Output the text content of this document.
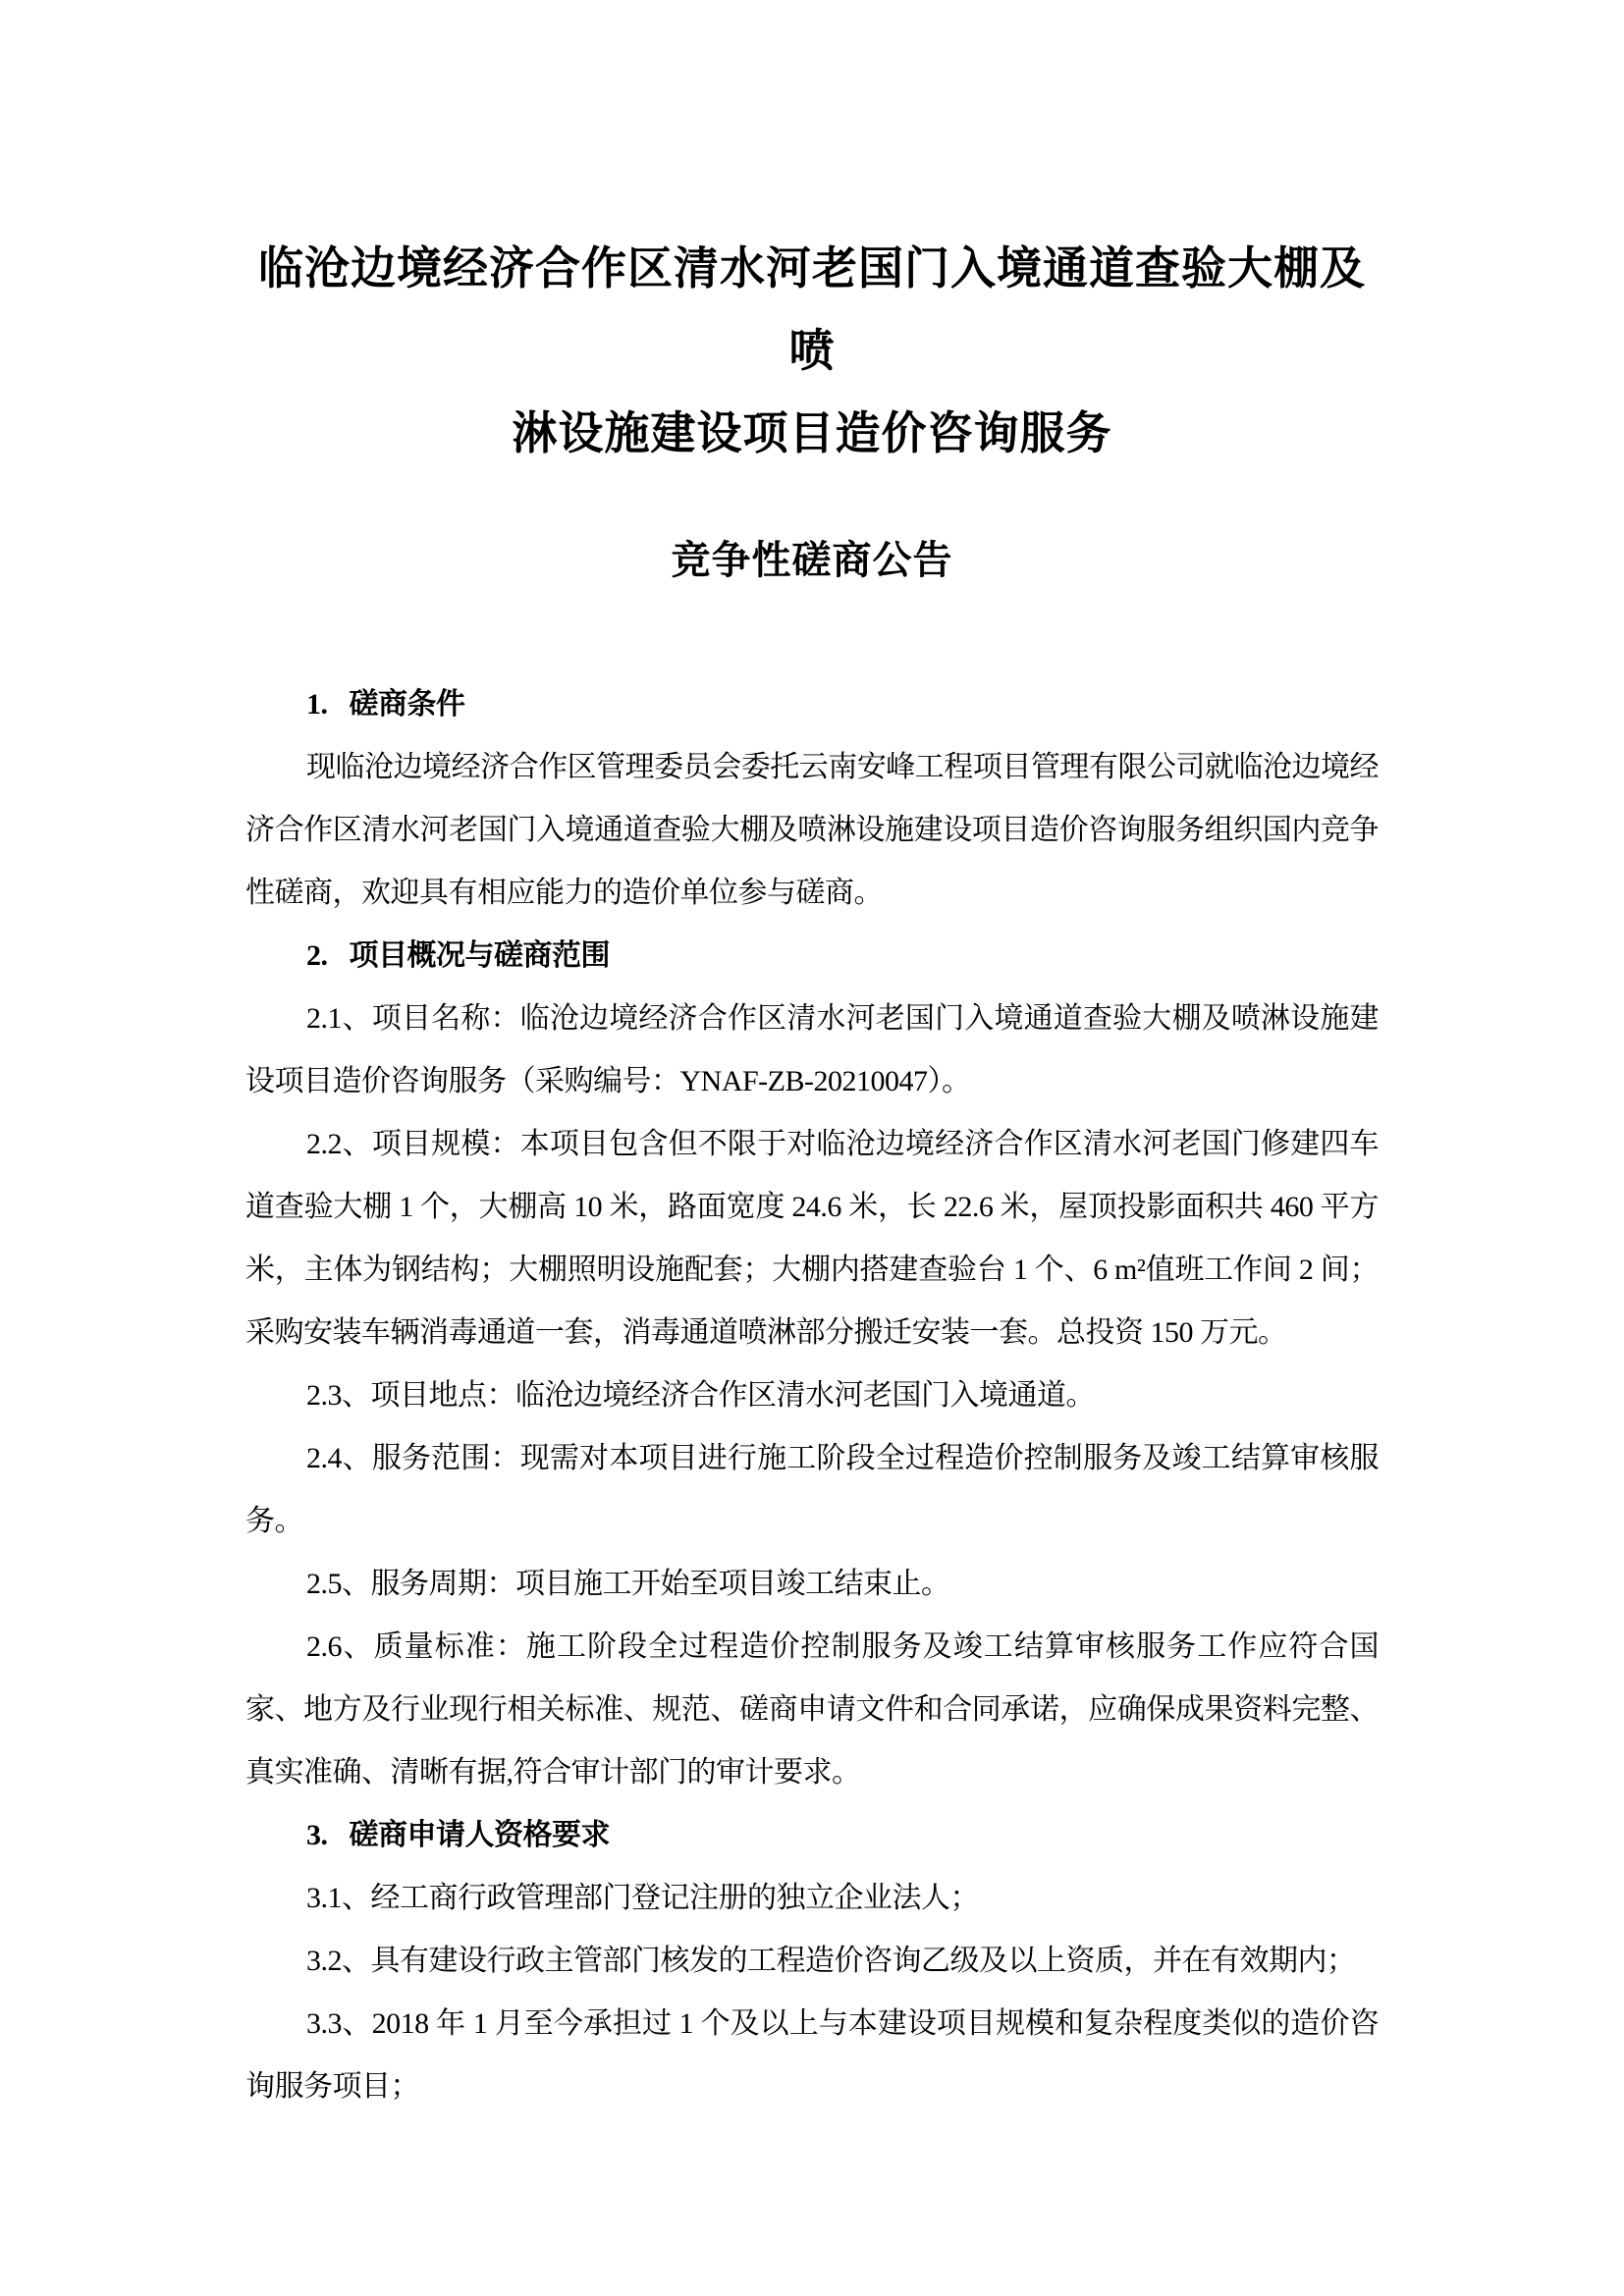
临沧边境经济合作区清水河老国门入境通道查验大棚及喷
淋设施建设项目造价咨询服务
竞争性磋商公告
1. 磋商条件
现临沧边境经济合作区管理委员会委托云南安峰工程项目管理有限公司就临沧边境经济合作区清水河老国门入境通道查验大棚及喷淋设施建设项目造价咨询服务组织国内竞争性磋商，欢迎具有相应能力的造价单位参与磋商。
2. 项目概况与磋商范围
2.1、项目名称：临沧边境经济合作区清水河老国门入境通道查验大棚及喷淋设施建设项目造价咨询服务（采购编号：YNAF-ZB-20210047）。
2.2、项目规模：本项目包含但不限于对临沧边境经济合作区清水河老国门修建四车道查验大棚 1 个，大棚高 10 米，路面宽度 24.6 米，长 22.6 米，屋顶投影面积共 460 平方米，主体为钢结构；大棚照明设施配套；大棚内搭建查验台 1 个、6 m²值班工作间 2 间；采购安装车辆消毒通道一套，消毒通道喷淋部分搬迁安装一套。总投资 150 万元。
2.3、项目地点：临沧边境经济合作区清水河老国门入境通道。
2.4、服务范围：现需对本项目进行施工阶段全过程造价控制服务及竣工结算审核服务。
2.5、服务周期：项目施工开始至项目竣工结束止。
2.6、质量标准：施工阶段全过程造价控制服务及竣工结算审核服务工作应符合国家、地方及行业现行相关标准、规范、磋商申请文件和合同承诺，应确保成果资料完整、真实准确、清晰有据,符合审计部门的审计要求。
3. 磋商申请人资格要求
3.1、经工商行政管理部门登记注册的独立企业法人；
3.2、具有建设行政主管部门核发的工程造价咨询乙级及以上资质，并在有效期内；
3.3、2018 年 1 月至今承担过 1 个及以上与本建设项目规模和复杂程度类似的造价咨询服务项目；
